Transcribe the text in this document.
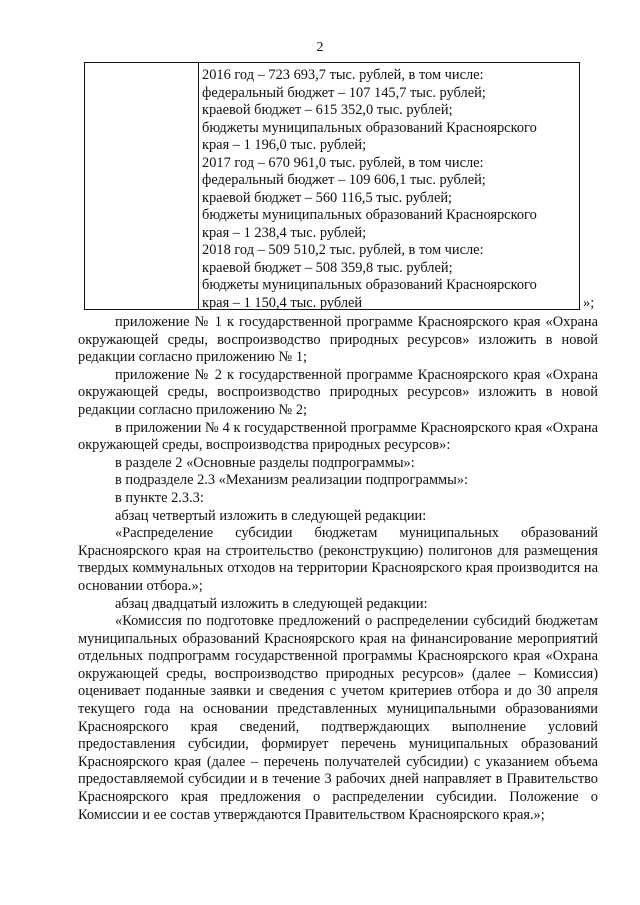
2
2016 год – 723 693,7 тыс. рублей, в том числе:
федеральный бюджет – 107 145,7 тыс. рублей;
краевой бюджет – 615 352,0 тыс. рублей;
бюджеты муниципальных образований Красноярского
края – 1 196,0 тыс. рублей;
2017 год – 670 961,0 тыс. рублей, в том числе:
федеральный бюджет – 109 606,1 тыс. рублей;
краевой бюджет – 560 116,5 тыс. рублей;
бюджеты муниципальных образований Красноярского
края – 1 238,4 тыс. рублей;
2018 год – 509 510,2 тыс. рублей, в том числе:
краевой бюджет – 508 359,8 тыс. рублей;
бюджеты муниципальных образований Красноярского
края – 1 150,4 тыс. рублей	»;

приложение № 1 к государственной программе Красноярского края «Охрана окружающей среды, воспроизводство природных ресурсов» изложить в новой редакции согласно приложению № 1;

приложение № 2 к государственной программе Красноярского края «Охрана окружающей среды, воспроизводство природных ресурсов» изложить в новой редакции согласно приложению № 2;

в приложении № 4 к государственной программе Красноярского края «Охрана окружающей среды, воспроизводства природных ресурсов»:

в разделе 2 «Основные разделы подпрограммы»:

в подразделе 2.3 «Механизм реализации подпрограммы»:

в пункте 2.3.3:

абзац четвертый изложить в следующей редакции:

«Распределение субсидии бюджетам муниципальных образований Красноярского края на строительство (реконструкцию) полигонов для размещения твердых коммунальных отходов на территории Красноярского края производится на основании отбора.»;

абзац двадцатый изложить в следующей редакции:

«Комиссия по подготовке предложений о распределении субсидий бюджетам муниципальных образований Красноярского края на финансирование мероприятий отдельных подпрограмм государственной программы Красноярского края «Охрана окружающей среды, воспроизводство природных ресурсов» (далее – Комиссия) оценивает поданные заявки и сведения с учетом критериев отбора и до 30 апреля текущего года на основании представленных муниципальными образованиями Красноярского края сведений, подтверждающих выполнение условий предоставления субсидии, формирует перечень муниципальных образований Красноярского края (далее – перечень получателей субсидии) с указанием объема предоставляемой субсидии и в течение 3 рабочих дней направляет в Правительство Красноярского края предложения о распределении субсидии. Положение о Комиссии и ее состав утверждаются Правительством Красноярского края.»;
